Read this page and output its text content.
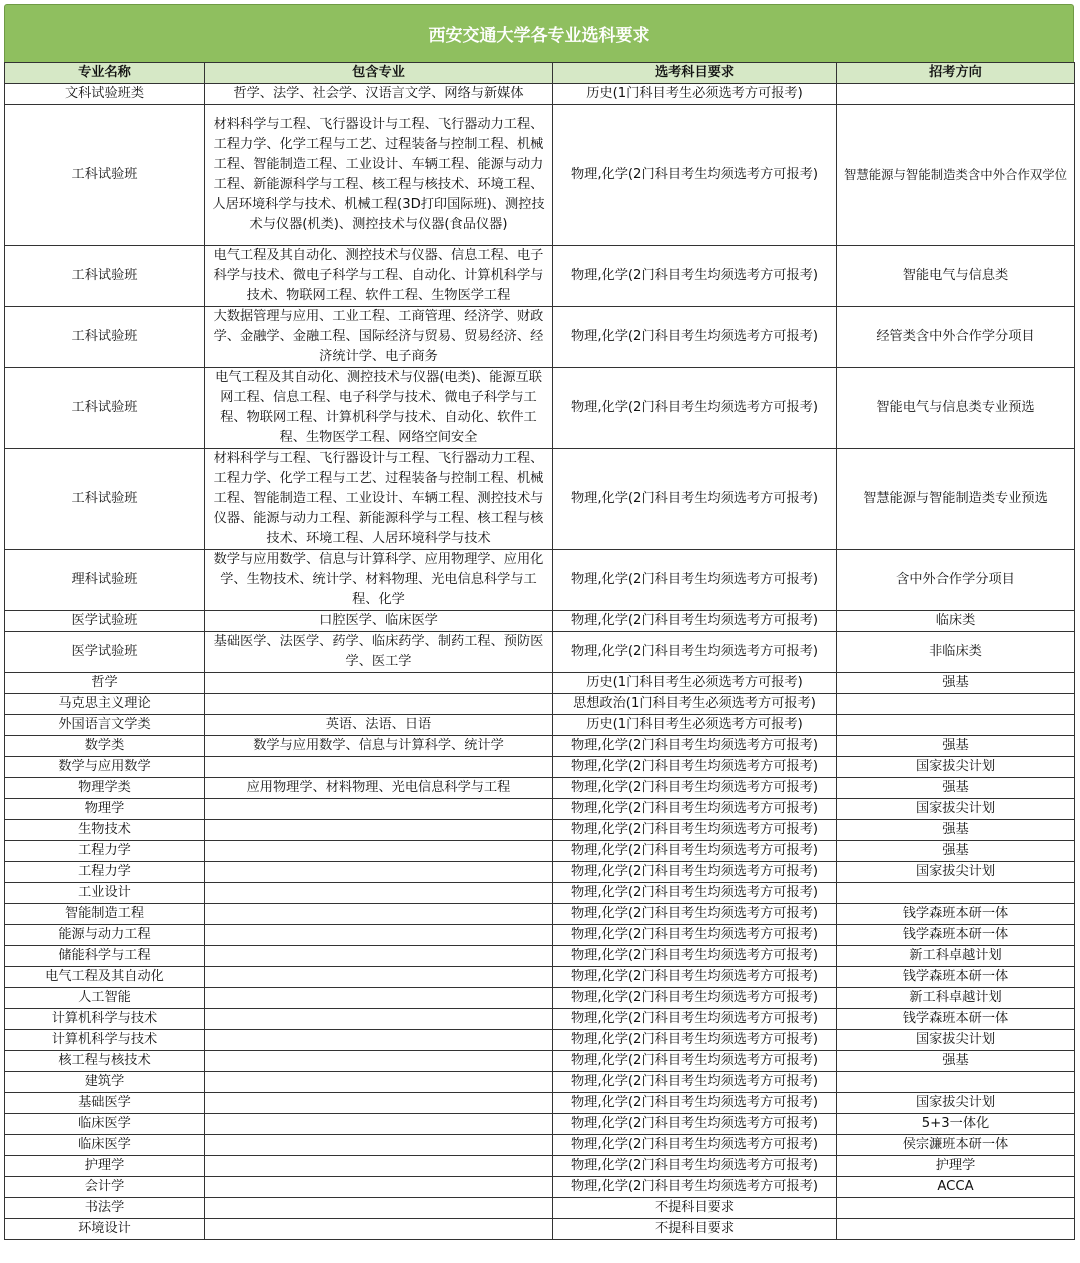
西安交通大学各专业选科要求
专业名称	包含专业	选考科目要求	招考方向
文科试验班类	哲学、法学、社会学、汉语言文学、网络与新媒体	历史(1门科目考生必须选考方可报考)	
工科试验班	材料科学与工程、飞行器设计与工程、飞行器动力工程、工程力学、化学工程与工艺、过程装备与控制工程、机械工程、智能制造工程、工业设计、车辆工程、能源与动力工程、新能源科学与工程、核工程与核技术、环境工程、人居环境科学与技术、机械工程(3D打印国际班)、测控技术与仪器(机类)、测控技术与仪器(食品仪器)	物理,化学(2门科目考生均须选考方可报考)	智慧能源与智能制造类含中外合作双学位
工科试验班	电气工程及其自动化、测控技术与仪器、信息工程、电子科学与技术、微电子科学与工程、自动化、计算机科学与技术、物联网工程、软件工程、生物医学工程	物理,化学(2门科目考生均须选考方可报考)	智能电气与信息类
工科试验班	大数据管理与应用、工业工程、工商管理、经济学、财政学、金融学、金融工程、国际经济与贸易、贸易经济、经济统计学、电子商务	物理,化学(2门科目考生均须选考方可报考)	经管类含中外合作学分项目
工科试验班	电气工程及其自动化、测控技术与仪器(电类)、能源互联网工程、信息工程、电子科学与技术、微电子科学与工程、物联网工程、计算机科学与技术、自动化、软件工程、生物医学工程、网络空间安全	物理,化学(2门科目考生均须选考方可报考)	智能电气与信息类专业预选
工科试验班	材料科学与工程、飞行器设计与工程、飞行器动力工程、工程力学、化学工程与工艺、过程装备与控制工程、机械工程、智能制造工程、工业设计、车辆工程、测控技术与仪器、能源与动力工程、新能源科学与工程、核工程与核技术、环境工程、人居环境科学与技术	物理,化学(2门科目考生均须选考方可报考)	智慧能源与智能制造类专业预选
理科试验班	数学与应用数学、信息与计算科学、应用物理学、应用化学、生物技术、统计学、材料物理、光电信息科学与工程、化学	物理,化学(2门科目考生均须选考方可报考)	含中外合作学分项目
医学试验班	口腔医学、临床医学	物理,化学(2门科目考生均须选考方可报考)	临床类
医学试验班	基础医学、法医学、药学、临床药学、制药工程、预防医学、医工学	物理,化学(2门科目考生均须选考方可报考)	非临床类
哲学		历史(1门科目考生必须选考方可报考)	强基
马克思主义理论		思想政治(1门科目考生必须选考方可报考)	
外国语言文学类	英语、法语、日语	历史(1门科目考生必须选考方可报考)	
数学类	数学与应用数学、信息与计算科学、统计学	物理,化学(2门科目考生均须选考方可报考)	强基
数学与应用数学		物理,化学(2门科目考生均须选考方可报考)	国家拔尖计划
物理学类	应用物理学、材料物理、光电信息科学与工程	物理,化学(2门科目考生均须选考方可报考)	强基
物理学		物理,化学(2门科目考生均须选考方可报考)	国家拔尖计划
生物技术		物理,化学(2门科目考生均须选考方可报考)	强基
工程力学		物理,化学(2门科目考生均须选考方可报考)	强基
工程力学		物理,化学(2门科目考生均须选考方可报考)	国家拔尖计划
工业设计		物理,化学(2门科目考生均须选考方可报考)	
智能制造工程		物理,化学(2门科目考生均须选考方可报考)	钱学森班本研一体
能源与动力工程		物理,化学(2门科目考生均须选考方可报考)	钱学森班本研一体
储能科学与工程		物理,化学(2门科目考生均须选考方可报考)	新工科卓越计划
电气工程及其自动化		物理,化学(2门科目考生均须选考方可报考)	钱学森班本研一体
人工智能		物理,化学(2门科目考生均须选考方可报考)	新工科卓越计划
计算机科学与技术		物理,化学(2门科目考生均须选考方可报考)	钱学森班本研一体
计算机科学与技术		物理,化学(2门科目考生均须选考方可报考)	国家拔尖计划
核工程与核技术		物理,化学(2门科目考生均须选考方可报考)	强基
建筑学		物理,化学(2门科目考生均须选考方可报考)	
基础医学		物理,化学(2门科目考生均须选考方可报考)	国家拔尖计划
临床医学		物理,化学(2门科目考生均须选考方可报考)	5+3一体化
临床医学		物理,化学(2门科目考生均须选考方可报考)	侯宗濂班本研一体
护理学		物理,化学(2门科目考生均须选考方可报考)	护理学
会计学		物理,化学(2门科目考生均须选考方可报考)	ACCA
书法学		不提科目要求	
环境设计		不提科目要求	
